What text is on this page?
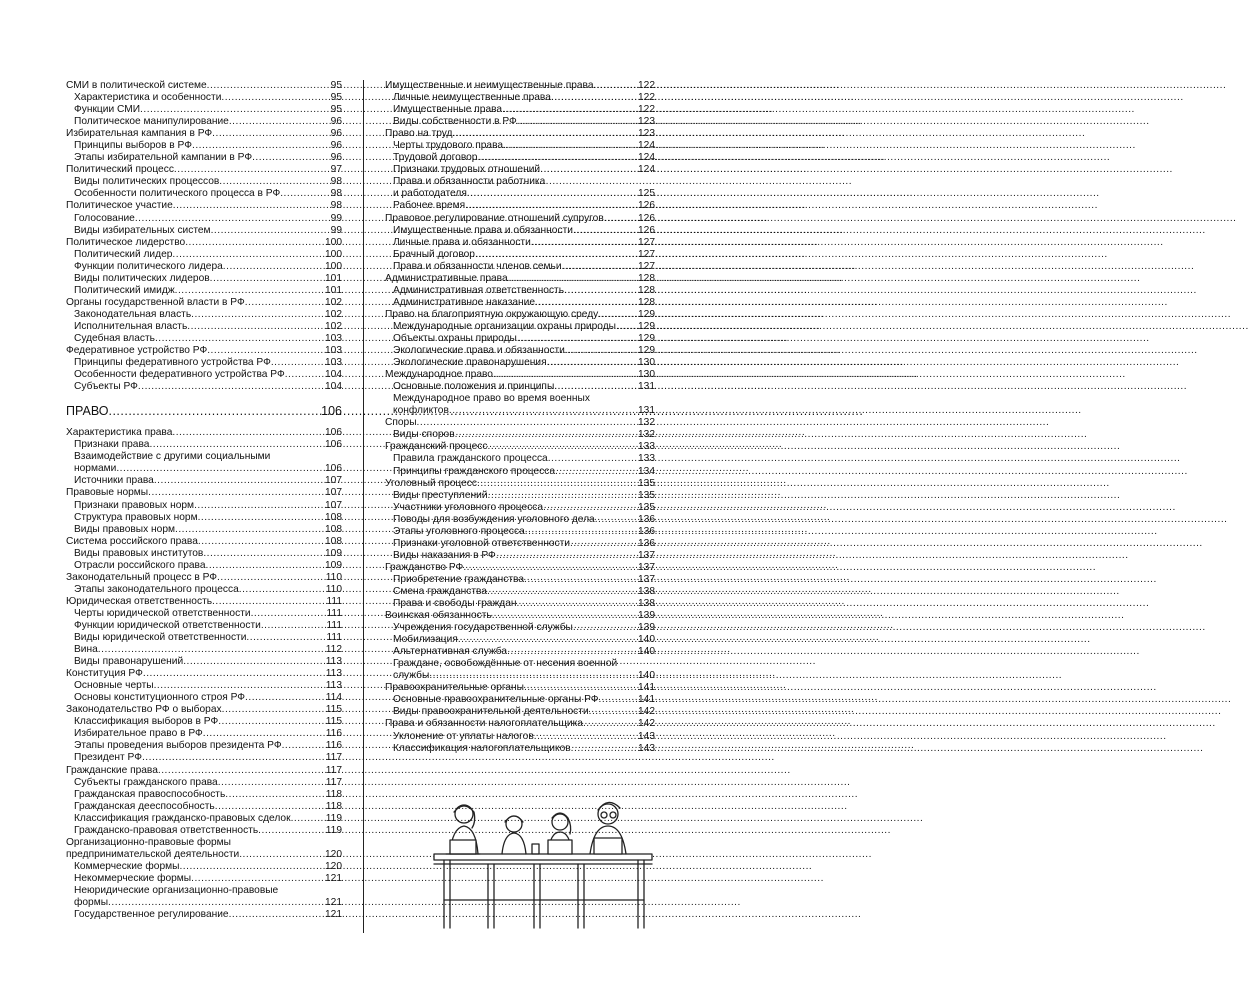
СМИ в политической системе .....	95
Характеристика и особенности .....	95
Функции СМИ .....	95
Политическое манипулирование .....	96
Избирательная кампания в РФ .....	96
Принципы выборов в РФ .....	96
Этапы избирательной кампании в РФ .....	96
Политический процесс .....	97
Виды политических процессов .....	98
Особенности политического процесса в РФ .....	98
Политическое участие .....	98
Голосование .....	99
Виды избирательных систем .....	99
Политическое лидерство .....	100
Политический лидер .....	100
Функции политического лидера .....	100
Виды политических лидеров .....	101
Политический имидж .....	101
Органы государственной власти в РФ .....	102
Законодательная власть .....	102
Исполнительная власть .....	102
Судебная власть .....	103
Федеративное устройство РФ .....	103
Принципы федеративного устройства РФ .....	103
Особенности федеративного устройства РФ .....	104
Субъекты РФ .....	104
ПРАВО .....	106
Характеристика права .....	106
Признаки права .....	106
Взаимодействие с другими социальными
нормами .....	106
Источники права .....	107
Правовые нормы .....	107
Признаки правовых норм .....	107
Структура правовых норм .....	108
Виды правовых норм .....	108
Система российского права .....	108
Виды правовых институтов .....	109
Отрасли российского права .....	109
Законодательный процесс в РФ .....	110
Этапы законодательного процесса .....	110
Юридическая ответственность .....	111
Черты юридической ответственности .....	111
Функции юридической ответственности .....	111
Виды юридической ответственности .....	111
Вина .....	112
Виды правонарушений .....	113
Конституция РФ .....	113
Основные черты .....	113
Основы конституционного строя РФ .....	114
Законодательство РФ о выборах .....	115
Классификация выборов в РФ .....	115
Избирательное право в РФ .....	116
Этапы проведения выборов президента РФ .....	116
Президент РФ .....	117
Гражданские права .....	117
Субъекты гражданского права .....	117
Гражданская правоспособность .....	118
Гражданская дееспособность .....	118
Классификация гражданско-правовых сделок .....	119
Гражданско-правовая ответственность .....	119
Организационно-правовые формы
предпринимательской деятельности .....	120
Коммерческие формы .....	120
Некоммерческие формы .....	121
Неюридические организационно-правовые
формы .....	121
Государственное регулирование .....	121
Имущественные и неимущественные права .....	122
Личные неимущественные права .....	122
Имущественные права .....	122
Виды собственности в РФ .....	123
Право на труд .....	123
Черты трудового права .....	124
Трудовой договор .....	124
Признаки трудовых отношений .....	124
Права и обязанности работника
и работодателя .....	125
Рабочее время .....	126
Правовое регулирование отношений супругов .....	126
Имущественные права и обязанности .....	126
Личные права и обязанности .....	127
Брачный договор .....	127
Права и обязанности членов семьи .....	127
Административные права .....	128
Административная ответственность .....	128
Административное наказание .....	128
Право на благоприятную окружающую среду .....	129
Международные организации охраны природы ..... 129
Объекты охраны природы .....	129
Экологические права и обязанности .....	129
Экологические правонарушения .....	130
Международное право .....	130
Основные положения и принципы .....	131
Международное право во время военных
конфликтов .....	131
Споры .....	132
Виды споров .....	132
Гражданский процесс .....	133
Правила гражданского процесса .....	133
Принципы гражданского процесса .....	134
Уголовный процесс .....	135
Виды преступлений .....	135
Участники уголовного процесса .....	135
Поводы для возбуждения уголовного дела .....	136
Этапы уголовного процесса .....	136
Признаки уголовной ответственности .....	136
Виды наказания в РФ .....	137
Гражданство РФ .....	137
Приобретение гражданства .....	137
Смена гражданства .....	138
Права и свободы граждан .....	138
Воинская обязанность .....	139
Учреждения государственной службы .....	139
Мобилизация .....	140
Альтернативная служба .....	140
Граждане, освобождённые от несения военной
службы .....	140
Правоохранительные органы .....	141
Основные правоохранительные органы РФ .....	141
Виды правоохранительной деятельности .....	142
Права и обязанности налогоплательщика .....	142
Уклонение от уплаты налогов .....	143
Классификация налогоплательщиков .....	143
